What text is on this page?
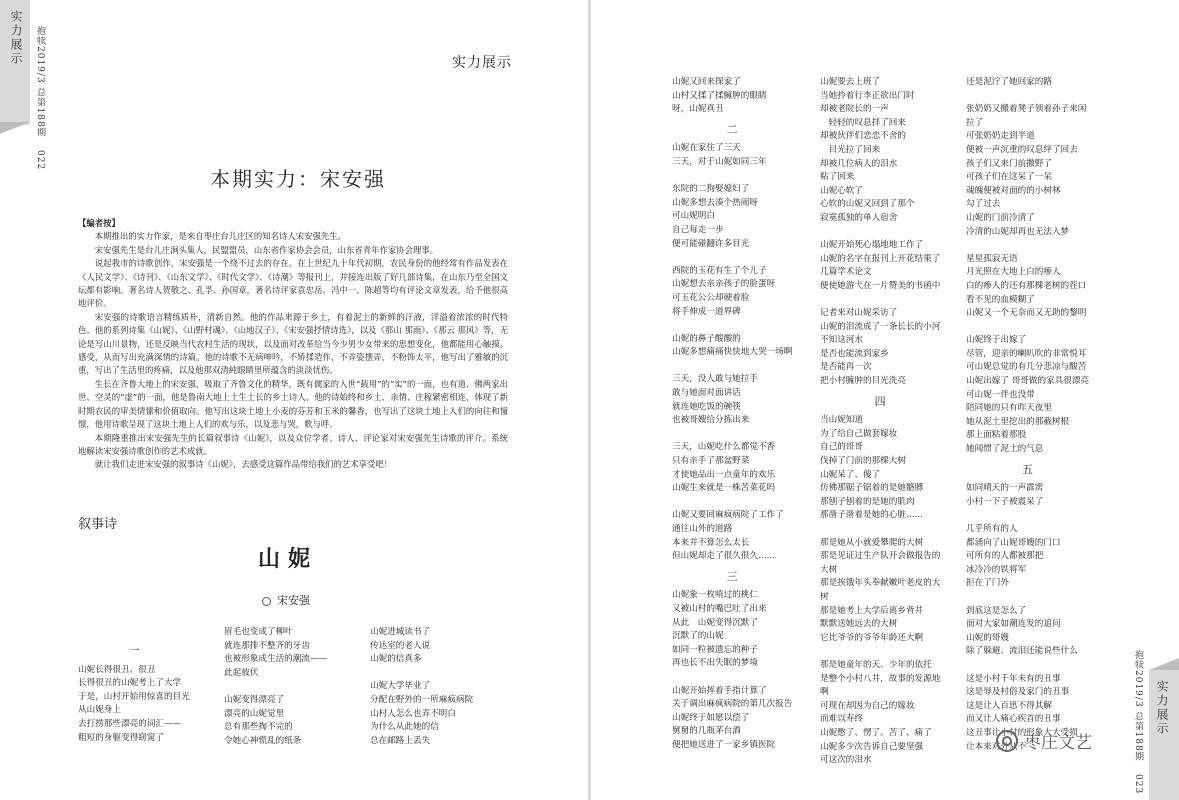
实力展示 抱犊2019/3 总第188期 022
实力展示
抱犊2019/3 总第188期 023
实力展示
本期实力：宋安强

【编者按】

本期推出的实力作家，是来自枣庄台儿庄区的知名诗人宋安强先生。

宋安强先生是台儿庄涧头集人，民盟盟员，山东省作家协会会员，山东省青年作家协会理事。

说起我市的诗歌创作，宋安强是一个绕不过去的存在。在上世纪九十年代初期，农民身份的他经常有作品发表在《人民文学》、《诗刊》、《山东文学》、《时代文学》、《诗潮》等报刊上，并接连出版了好几部诗集，在山东乃至全国文坛都有影响。著名诗人贺敬之、孔孚、孙国章，著名诗评家袁忠岳、冯中一、陈超等均有评论文章发表，给予他很高地评价。

宋安强的诗歌语言精练质朴，清新自然。他的作品来源于乡土，有着泥土的新鲜的汗液，洋溢着浓浓的时代特色。他的系列诗集《山妮》、《山野村魂》、《山地汉子》、《宋安强抒情诗选》，以及《那山 那雨》、《那云 那风》等，无论是写山川景物，还是反映当代农村生活的现状，以及面对改革给当今少男少女带来的思想变化，他都能用心触摸。感受，从而写出充满深情的诗篇。他的诗歌不无病呻吟，不矫揉造作，不弄姿摆弄，不粉饰太平，他写出了雅敏的沉重，写出了生活里的疼痛，以及他那双清純眼睛里所蕴含的淡淡忧伤。

生长在齐鲁大地上的宋安强，吸取了齐鲁文化的精华，既有儒家的入世“载用”的“实”的一面，也有道、佛两家出世、空灵的“虚”的一面，他是鲁南大地上土生土长的乡土诗人，他的诗始终和乡土、亲情、庄稼紧密相连，体现了新时期农民的审美情愫和价值取向。他写出这块土地上小麦的芬芳和玉米的馨香，也写出了这块土地上人们的向往和憧憬，他用诗歌呈现了这块土地上人们的欢与乐，以及悲与哭，歌与呼。

本期隆重推出宋安强先生的长篇叙事诗《山妮》，以及众位学者、诗人、评论家对宋安强先生诗歌的评介。系统地解读宋安强诗歌创作的艺术成就。

就让我们走进宋安强的叙事诗《山妮》，去感受这篇作品带给我们的艺术享受吧！

叙事诗
山妮
宋安强
一
山妮长得很丑、很丑
长得很丑的山妮考上了大学
于是，山村开始用惊喜的目光
从山妮身上
去打捞那些漂亮的词汇——
粗短的身躯变得窈窕了
眉毛也变成了柳叶
就连那排不整齐的牙齿
也被形象成生活的潮流——
此起彼伏
山妮变得漂亮了
漂亮的山妮觉里
总有那些掏不完的
令她心神慌乱的纸条
山妮进城读书了
传达室的老人说
山妮的信真多
山妮大学毕业了
分配在野外的一所麻疯病院
山村人怎么也弄不明白
为什么从此她的信
总在邮路上丢失
山妮又回来探家了
山村又揉了揉臃肿的眼睛
呀，山妮真丑
二
山妮在家住了三天
三天，对于山妮如同三年
东院的二狗娶媳妇了
山妮多想去凑个热闹呀
可山妮明白
自己每走一步
便可能碰翻许多目光
西院的玉花有生了个儿子
山妮想去亲亲孩子的脸蛋呀
可玉花公公却硬着脸
将手伸成一道界碑
山妮的鼻子酸酸的
山妮多想痛痛快快地大哭一场啊
三天，没人敢与她拉手
敢与她面对面讲话
就连她吃饭的碗筷
也被哥嫂给分拣出来
三天，山妮吃什么都觉不香
只有亲手了那盆野菜
才使她品出一点童年的欢乐
山妮生来就是一株苦菜花吗
山妮又要回麻疯病院了工作了
通往山外的道路
本来并不算怎么太长
但山妮却走了很久很久……
三
山妮象一枚啃过的桃仁
又被山村的嘴巴吐了出来
从此　山妮变得沉默了
沉默了的山妮
如同一粒被遗忘的种子
再也长不出失眠的梦境
山妮开始挥着手指计算了
关于调出麻疯病院的第几次报告
山妮终于如愿以偿了
舅舅的几瓶茅台酒
便把她送进了一家乡镇医院
山妮要去上班了
当她拎着行李正欲出门时
却被老院长的一声
　轻轻的叹息拌了回来
却被伙伴们恋恋不舍的
　目光拉了回来
却被几位病人的泪水
粘了回来
山妮心软了
心软的山妮又回到了那个
寂寞孤独的单人宿舍
山妮开始死心塌地地工作了
山妮的名字在报刊上开花结果了
几篇学术论文
便使她游弋在一片赞美的书函中
记者来对山妮采访了
山妮的泪流成了一条长长的小河
不知这河水
是否也能流到家乡
是否能再一次
把小村臃肿的目光洗亮
四
当山妮知道
为了给自己做套嫁妆
自己的哥哥
伐掉了门前的那棵大树
山妮呆了、傻了
仿佛那锯子锯着的是她骼膊
那刨子刨着的是她的肌肉
那凿子凿着是她的心脏……
那是她从小就爱攀爬的大树
那是见证过生产队开会做报告的
大树
那是挨饿年头奉献嫩叶老皮的大
树
那是她考上大学后离乡背井
默默送她远去的大树
它比爷爷的爷爷年龄还大啊
那是她童年的天、少年的依托
是整个小村八井，故事的发源地
啊
可现在却因为自己的嫁妆
而难以寿终
山妮憋了、愣了、苦了、痛了
山妮多少次告诉自己要坚强
可这次的泪水
还是泥泞了她回家的路
张奶奶又搬着凳子领着孙子来闲
拉了
可张奶奶走到半道
便被一声沉重的叹息绊了回去
孩子们又来门前撒野了
可孩子们在这呆了一呆
魂魄便被对面的的小树林
勾了过去
山妮的门前冷清了
冷清的山妮却再也无法入梦
星星孤寂无语
月光照在大地上白的瘆人
白的瘆人的还有那棵老树的茬口
看不见的血模糊了
山妮又一个无奈而又无助的黎明
山妮终于出嫁了
尽管，迎亲的喇叭吹的非常悦耳
可山妮总觉的有几分悲凉与酸苦
山妮出嫁了 哥哥做的家具很漂亮
可山妮一伴也没带
陪同她的只有昨天夜里
她从泥土里挖出的那截树根
那上面粘着那股
她闻惯了泥土的气息
五
如同晴天的一声霹雳
小村一下子被震呆了
几乎所有的人
都涌向了山妮哥嫂的门口
可所有的人都被那把
冰冷冷的铁将军
拒在了门外
到底这是怎么了
面对大家如潮连发的追问
山妮的哥嫂
除了躲避、流泪还能说些什么
这是小村千年未有的丑事
这是辱及村俗及家门的丑事
这是让人百思不得其解
而又让人痛心疾首的丑事
这丑事让小村的形象大大受损
让本来对外从不
枣庄文艺
